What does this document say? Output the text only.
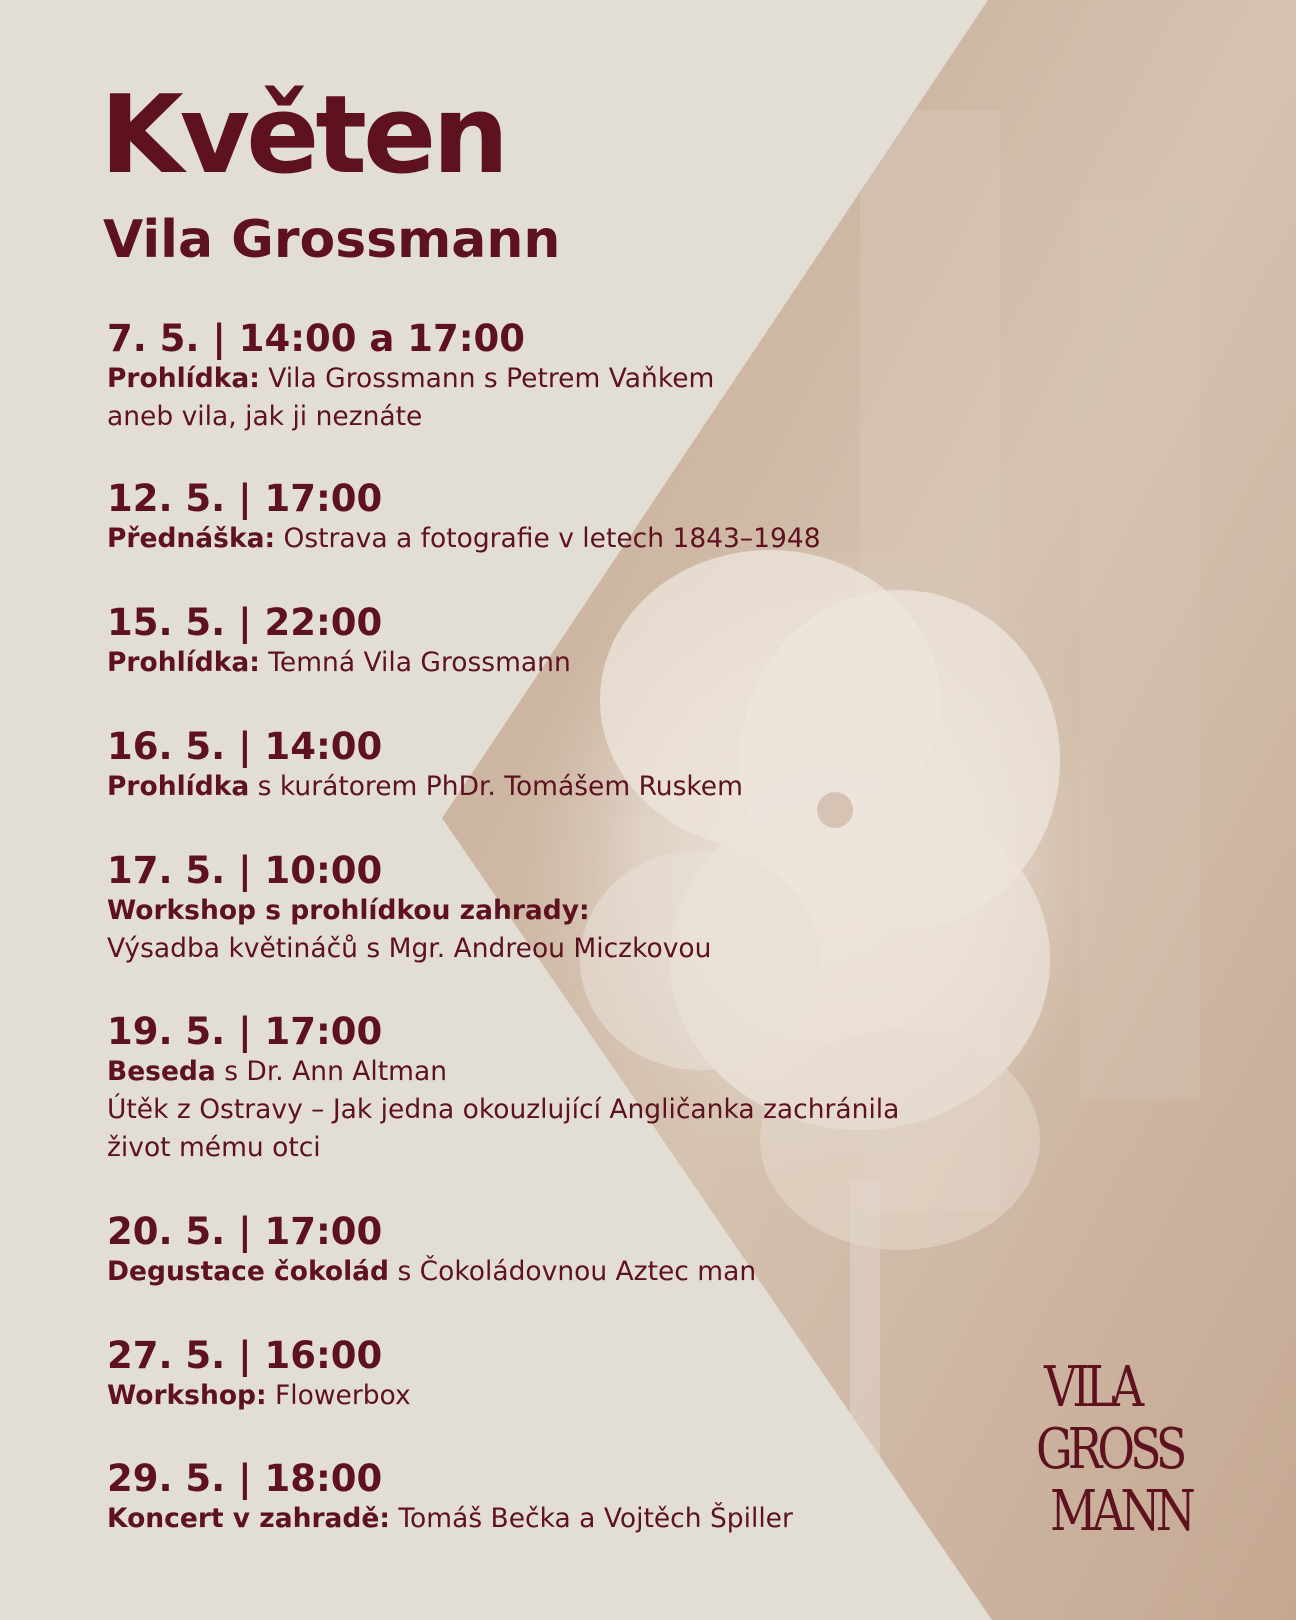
Květen
Vila Grossmann
7. 5. | 14:00 a 17:00
Prohlídka: Vila Grossmann s Petrem Vaňkem
aneb vila, jak ji neznáte
12. 5. | 17:00
Přednáška: Ostrava a fotografie v letech 1843–1948
15. 5. | 22:00
Prohlídka: Temná Vila Grossmann
16. 5. | 14:00
Prohlídka s kurátorem PhDr. Tomášem Ruskem
17. 5. | 10:00
Workshop s prohlídkou zahrady:
Výsadba květináčů s Mgr. Andreou Miczkovou
19. 5. | 17:00
Beseda s Dr. Ann Altman
Útěk z Ostravy – Jak jedna okouzlující Angličanka zachránila
život mému otci
20. 5. | 17:00
Degustace čokolád s Čokoládovnou Aztec man
27. 5. | 16:00
Workshop: Flowerbox
29. 5. | 18:00
Koncert v zahradě: Tomáš Bečka a Vojtěch Špiller
VILA
GROSS
MANN
